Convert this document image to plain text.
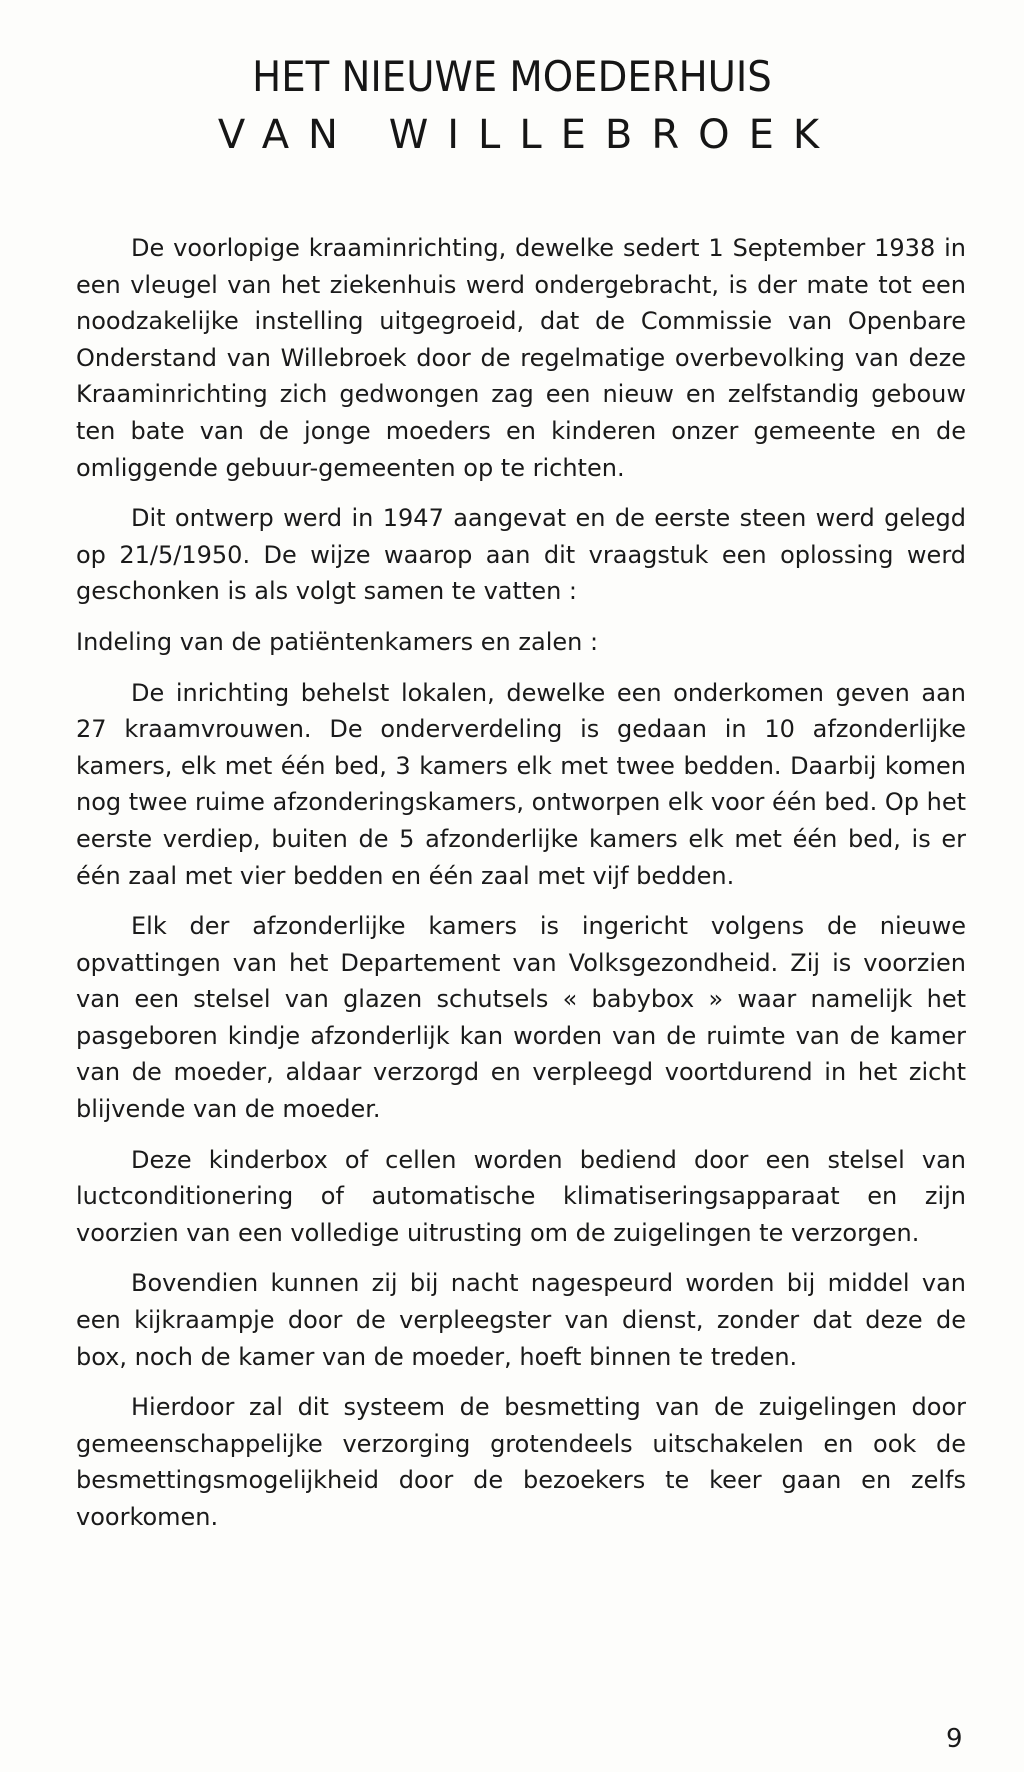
HET NIEUWE MOEDERHUIS
VAN WILLEBROEK

De voorlopige kraaminrichting, dewelke sedert 1 September 1938 in een vleugel van het ziekenhuis werd ondergebracht, is der mate tot een noodzakelijke instelling uitgegroeid, dat de Commissie van Openbare Onderstand van Willebroek door de regelmatige overbevolking van deze Kraaminrichting zich gedwongen zag een nieuw en zelfstandig gebouw ten bate van de jonge moeders en kinderen onzer gemeente en de omliggende gebuur-gemeenten op te richten.

Dit ontwerp werd in 1947 aangevat en de eerste steen werd gelegd op 21/5/1950. De wijze waarop aan dit vraagstuk een oplossing werd geschonken is als volgt samen te vatten :

Indeling van de patiëntenkamers en zalen :

De inrichting behelst lokalen, dewelke een onderkomen geven aan 27 kraamvrouwen. De onderverdeling is gedaan in 10 afzonderlijke kamers, elk met één bed, 3 kamers elk met twee bedden. Daarbij komen nog twee ruime afzonderingskamers, ontworpen elk voor één bed. Op het eerste verdiep, buiten de 5 afzonderlijke kamers elk met één bed, is er één zaal met vier bedden en één zaal met vijf bedden.

Elk der afzonderlijke kamers is ingericht volgens de nieuwe opvattingen van het Departement van Volksgezondheid. Zij is voorzien van een stelsel van glazen schutsels « babybox » waar namelijk het pasgeboren kindje afzonderlijk kan worden van de ruimte van de kamer van de moeder, aldaar verzorgd en verpleegd voortdurend in het zicht blijvende van de moeder.

Deze kinderbox of cellen worden bediend door een stelsel van luctconditionering of automatische klimatiseringsapparaat en zijn voorzien van een volledige uitrusting om de zuigelingen te verzorgen.

Bovendien kunnen zij bij nacht nagespeurd worden bij middel van een kijkraampje door de verpleegster van dienst, zonder dat deze de box, noch de kamer van de moeder, hoeft binnen te treden.

Hierdoor zal dit systeem de besmetting van de zuigelingen door gemeenschappelijke verzorging grotendeels uitschakelen en ook de besmettingsmogelijkheid door de bezoekers te keer gaan en zelfs voorkomen.

9
